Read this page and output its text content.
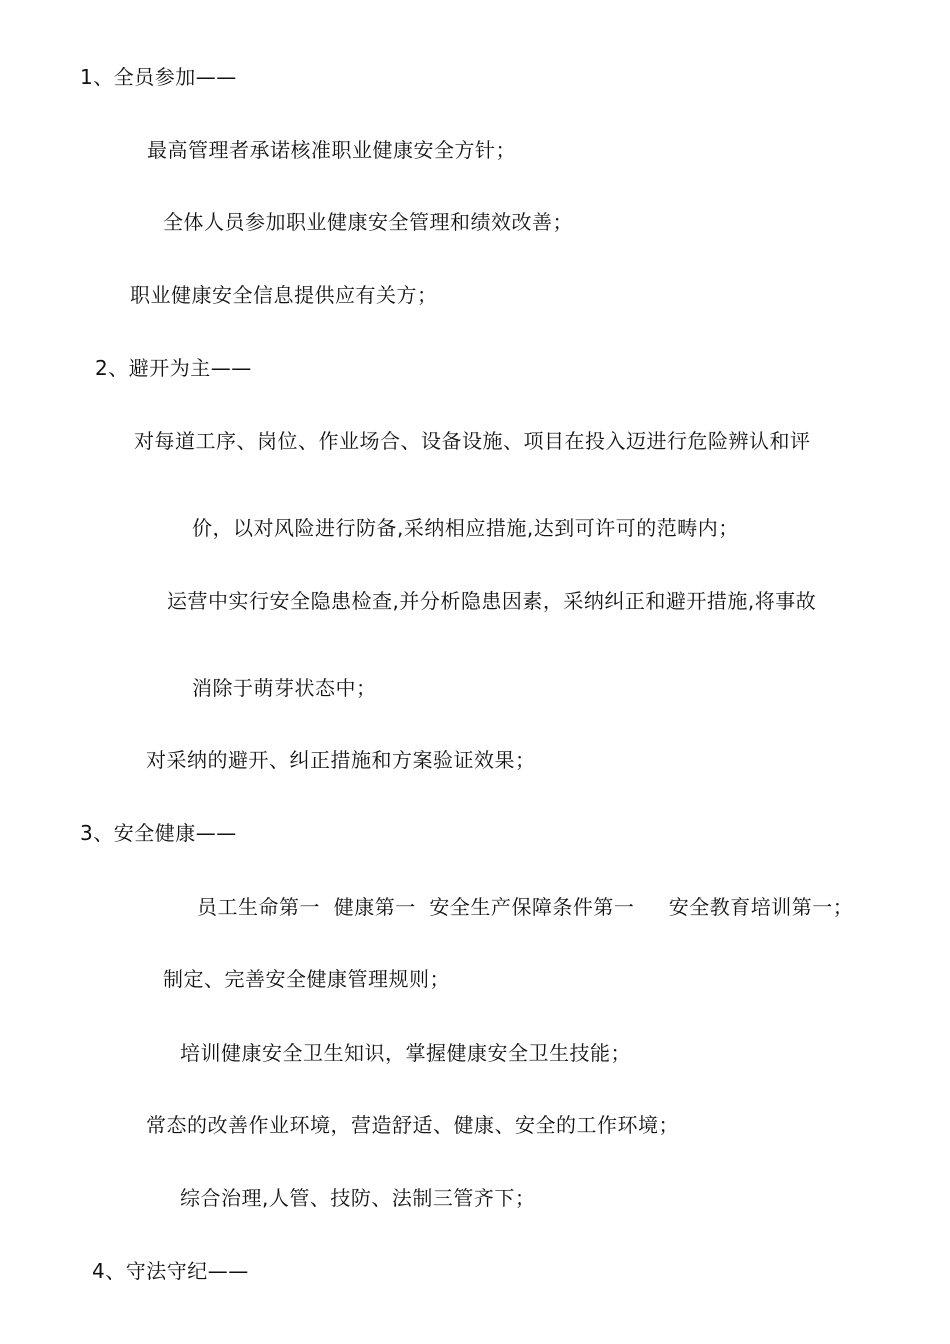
1、全员参加——
最高管理者承诺核准职业健康安全方针；
全体人员参加职业健康安全管理和绩效改善；
职业健康安全信息提供应有关方；
2、避开为主——
对每道工序、岗位、作业场合、设备设施、项目在投入迈进行危险辨认和评
价，以对风险进行防备,采纳相应措施,达到可许可的范畴内；
运营中实行安全隐患检查,并分析隐患因素，采纳纠正和避开措施,将事故
消除于萌芽状态中；
对采纳的避开、纠正措施和方案验证效果；
3、安全健康——
员工生命第一  健康第一  安全生产保障条件第一     安全教育培训第一；
制定、完善安全健康管理规则；
培训健康安全卫生知识，掌握健康安全卫生技能；
常态的改善作业环境，营造舒适、健康、安全的工作环境；
综合治理,人管、技防、法制三管齐下；
4、守法守纪——
